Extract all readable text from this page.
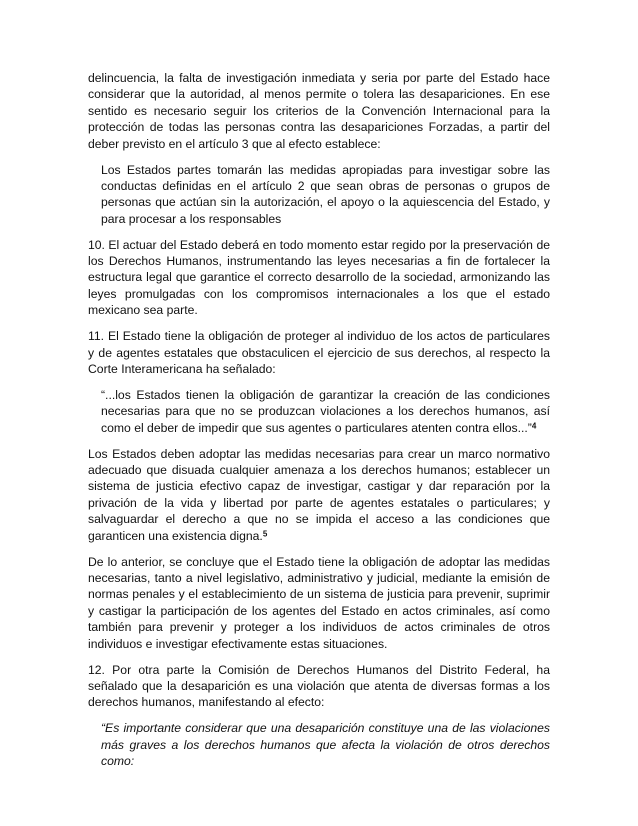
delincuencia, la falta de investigación inmediata y seria por parte del Estado hace considerar que la autoridad, al menos permite o tolera las desapariciones. En ese sentido es necesario seguir los criterios de la Convención Internacional para la protección de todas las personas contra las desapariciones Forzadas, a partir del deber previsto en el artículo 3 que al efecto establece:

Los Estados partes tomarán las medidas apropiadas para investigar sobre las conductas definidas en el artículo 2 que sean obras de personas o grupos de personas que actúan sin la autorización, el apoyo o la aquiescencia del Estado, y para procesar a los responsables

10. El actuar del Estado deberá en todo momento estar regido por la preservación de los Derechos Humanos, instrumentando las leyes necesarias a fin de fortalecer la estructura legal que garantice el correcto desarrollo de la sociedad, armonizando las leyes promulgadas con los compromisos internacionales a los que el estado mexicano sea parte.

11. El Estado tiene la obligación de proteger al individuo de los actos de particulares y de agentes estatales que obstaculicen el ejercicio de sus derechos, al respecto la Corte Interamericana ha señalado:

“...los Estados tienen la obligación de garantizar la creación de las condiciones necesarias para que no se produzcan violaciones a los derechos humanos, así como el deber de impedir que sus agentes o particulares atenten contra ellos...”$^4$

Los Estados deben adoptar las medidas necesarias para crear un marco normativo adecuado que disuada cualquier amenaza a los derechos humanos; establecer un sistema de justicia efectivo capaz de investigar, castigar y dar reparación por la privación de la vida y libertad por parte de agentes estatales o particulares; y salvaguardar el derecho a que no se impida el acceso a las condiciones que garanticen una existencia digna.$^5$

De lo anterior, se concluye que el Estado tiene la obligación de adoptar las medidas necesarias, tanto a nivel legislativo, administrativo y judicial, mediante la emisión de normas penales y el establecimiento de un sistema de justicia para prevenir, suprimir y castigar la participación de los agentes del Estado en actos criminales, así como también para prevenir y proteger a los individuos de actos criminales de otros individuos e investigar efectivamente estas situaciones.

12. Por otra parte la Comisión de Derechos Humanos del Distrito Federal, ha señalado que la desaparición es una violación que atenta de diversas formas a los derechos humanos, manifestando al efecto:

“Es importante considerar que una desaparición constituye una de las violaciones más graves a los derechos humanos que afecta la violación de otros derechos como:
